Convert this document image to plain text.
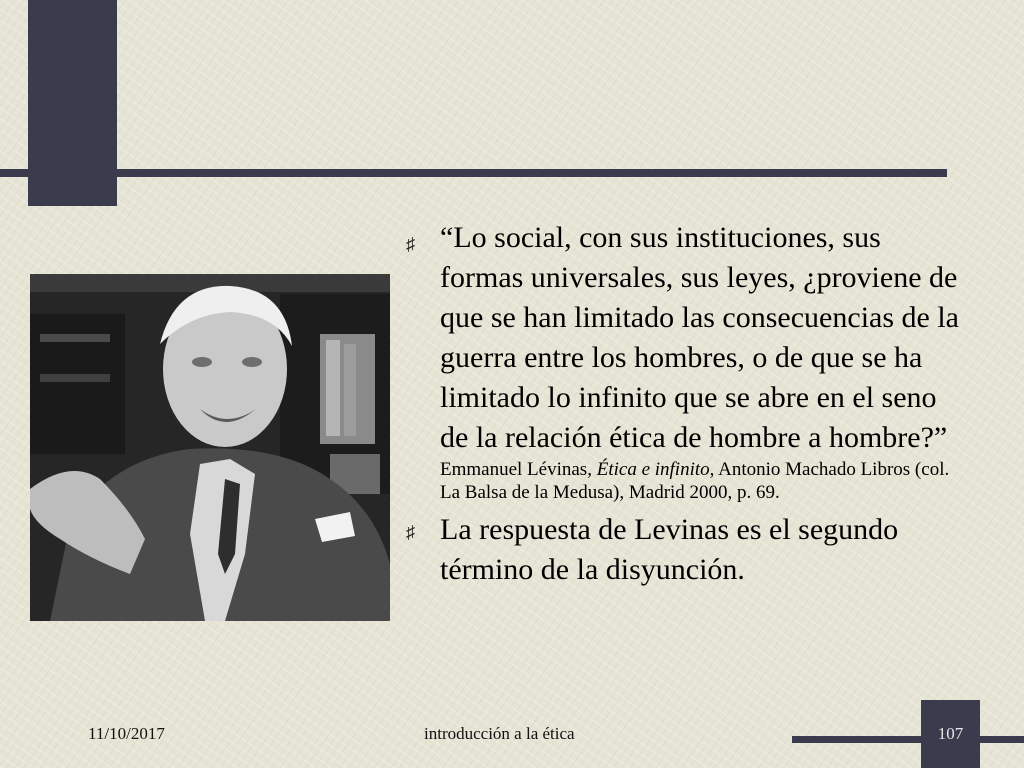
♯ “Lo social, con sus instituciones, sus formas universales, sus leyes, ¿proviene de que se han limitado las consecuencias de la guerra entre los hombres, o de que se ha limitado lo infinito que se abre en el seno de la relación ética de hombre a hombre?”
Emmanuel Lévinas, Ética e infinito, Antonio Machado Libros (col. La Balsa de la Medusa), Madrid 2000, p. 69.
♯ La respuesta de Levinas es el segundo término de la disyunción.
11/10/2017	introducción a la ética	107
